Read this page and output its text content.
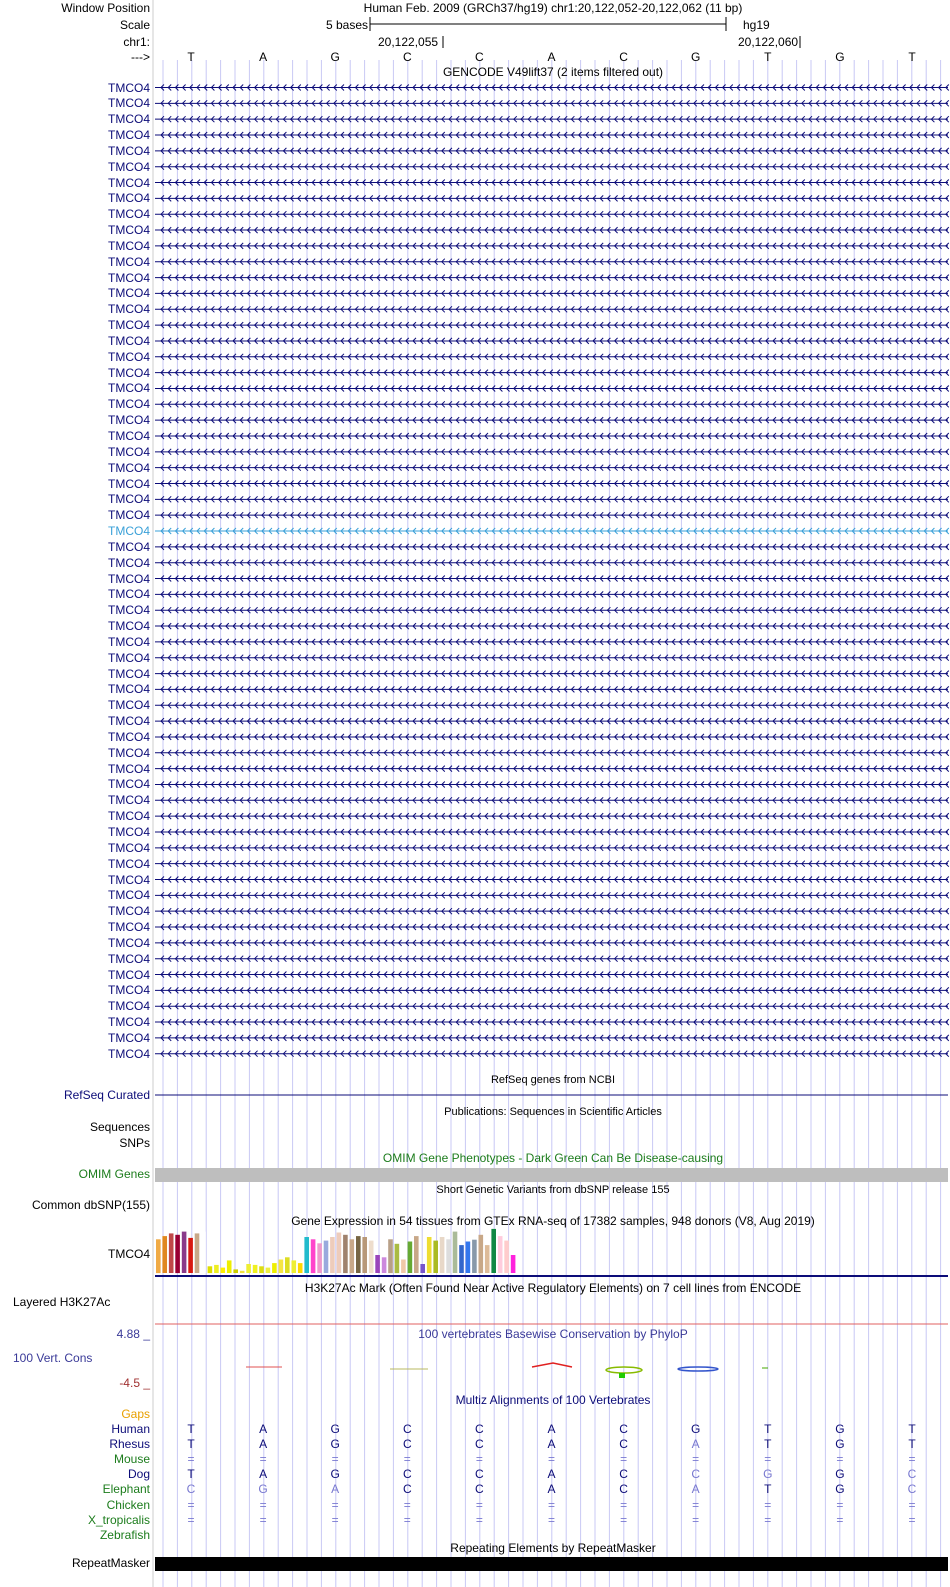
Window Position	Human Feb. 2009 (GRCh37/hg19) chr1:20,122,052-20,122,062 (11 bp)
Scale	5 bases	hg19
chr1:	20,122,055	20,122,060
--->	T	A	G	C	C	A	C	G	T	G	T
GENCODE V49lift37 (2 items filtered out)
TMCO4
TMCO4
TMCO4
TMCO4
TMCO4
TMCO4
TMCO4
TMCO4
TMCO4
TMCO4
TMCO4
TMCO4
TMCO4
TMCO4
TMCO4
TMCO4
TMCO4
TMCO4
TMCO4
TMCO4
TMCO4
TMCO4
TMCO4
TMCO4
TMCO4
TMCO4
TMCO4
TMCO4
TMCO4
TMCO4
TMCO4
TMCO4
TMCO4
TMCO4
TMCO4
TMCO4
TMCO4
TMCO4
TMCO4
TMCO4
TMCO4
TMCO4
TMCO4
TMCO4
TMCO4
TMCO4
TMCO4
TMCO4
TMCO4
TMCO4
TMCO4
TMCO4
TMCO4
TMCO4
TMCO4
TMCO4
TMCO4
TMCO4
TMCO4
TMCO4
TMCO4
TMCO4
RefSeq genes from NCBI
RefSeq Curated
Publications: Sequences in Scientific Articles
Sequences
SNPs
OMIM Gene Phenotypes - Dark Green Can Be Disease-causing
OMIM Genes
Short Genetic Variants from dbSNP release 155
Common dbSNP(155)
Gene Expression in 54 tissues from GTEx RNA-seq of 17382 samples, 948 donors (V8, Aug 2019)
TMCO4
H3K27Ac Mark (Often Found Near Active Regulatory Elements) on 7 cell lines from ENCODE
Layered H3K27Ac
100 vertebrates Basewise Conservation by PhyloP
4.88 _
100 Vert. Cons
-4.5 _
Multiz Alignments of 100 Vertebrates
Gaps
Human	T	A	G	C	C	A	C	G	T	G	T
Rhesus	T	A	G	C	C	A	C	A	T	G	T
Mouse	=	=	=	=	=	=	=	=	=	=	=
Dog	T	A	G	C	C	A	C	C	G	G	C
Elephant	C	G	A	C	C	A	C	A	T	G	C
Chicken	=	=	=	=	=	=	=	=	=	=	=
X_tropicalis	=	=	=	=	=	=	=	=	=	=	=
Zebrafish
Repeating Elements by RepeatMasker
RepeatMasker
